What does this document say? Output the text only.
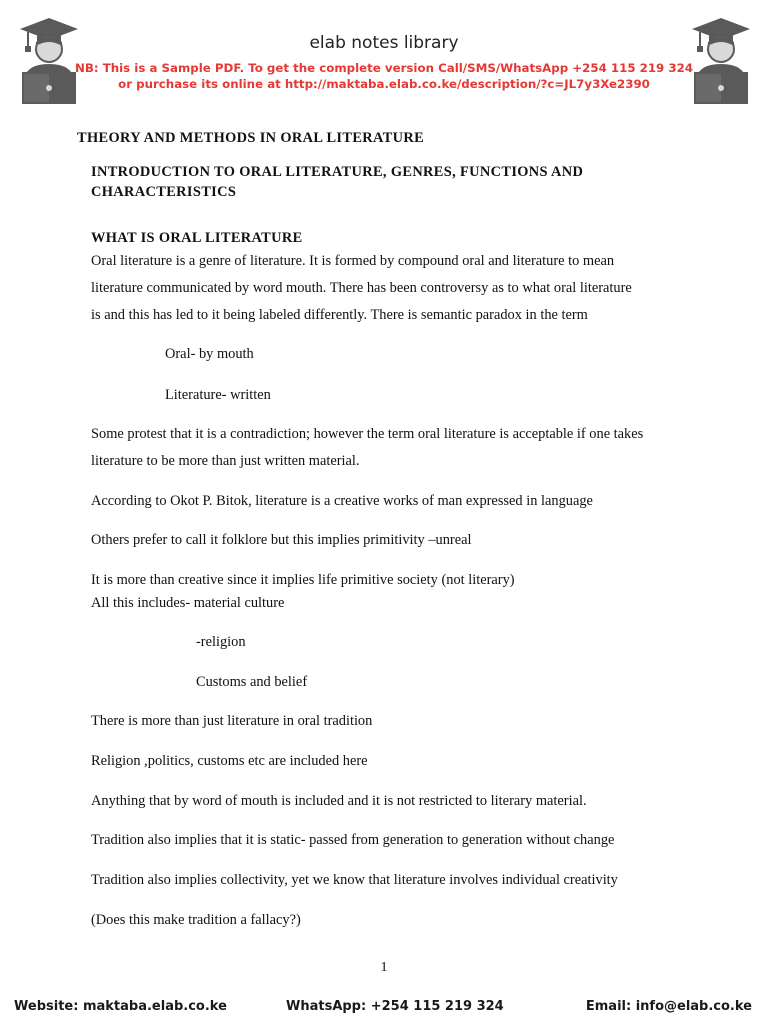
elab notes library
NB: This is a Sample PDF. To get the complete version Call/SMS/WhatsApp +254 115 219 324
or purchase its online at http://maktaba.elab.co.ke/description/?c=JL7y3Xe2390
THEORY AND METHODS IN ORAL LITERATURE
INTRODUCTION TO ORAL LITERATURE, GENRES, FUNCTIONS AND
CHARACTERISTICS
WHAT IS ORAL LITERATURE
Oral literature is a genre of literature. It is formed by compound oral and literature to mean
literature communicated by word mouth. There has been controversy as to what oral literature
is and this has led to it being labeled differently. There is semantic paradox in the term
Oral- by mouth
Literature- written
Some protest that it is a contradiction; however the term oral literature is acceptable if one takes
literature to be more than just written material.
According to Okot P. Bitok, literature is a creative works of man expressed in language
Others prefer to call it folklore but this implies primitivity –unreal
It is more than creative since it implies life primitive society (not literary)
All this includes- material culture
-religion
Customs and belief
There is more than just literature in oral tradition
Religion ,politics, customs etc are included here
Anything that by word of mouth is included and it is not restricted to literary material.
Tradition also implies that it is static- passed from generation to generation without change
Tradition also implies collectivity, yet we know that literature involves individual creativity
(Does this make tradition a fallacy?)
1
Website: maktaba.elab.co.ke	WhatsApp: +254 115 219 324	Email: info@elab.co.ke
